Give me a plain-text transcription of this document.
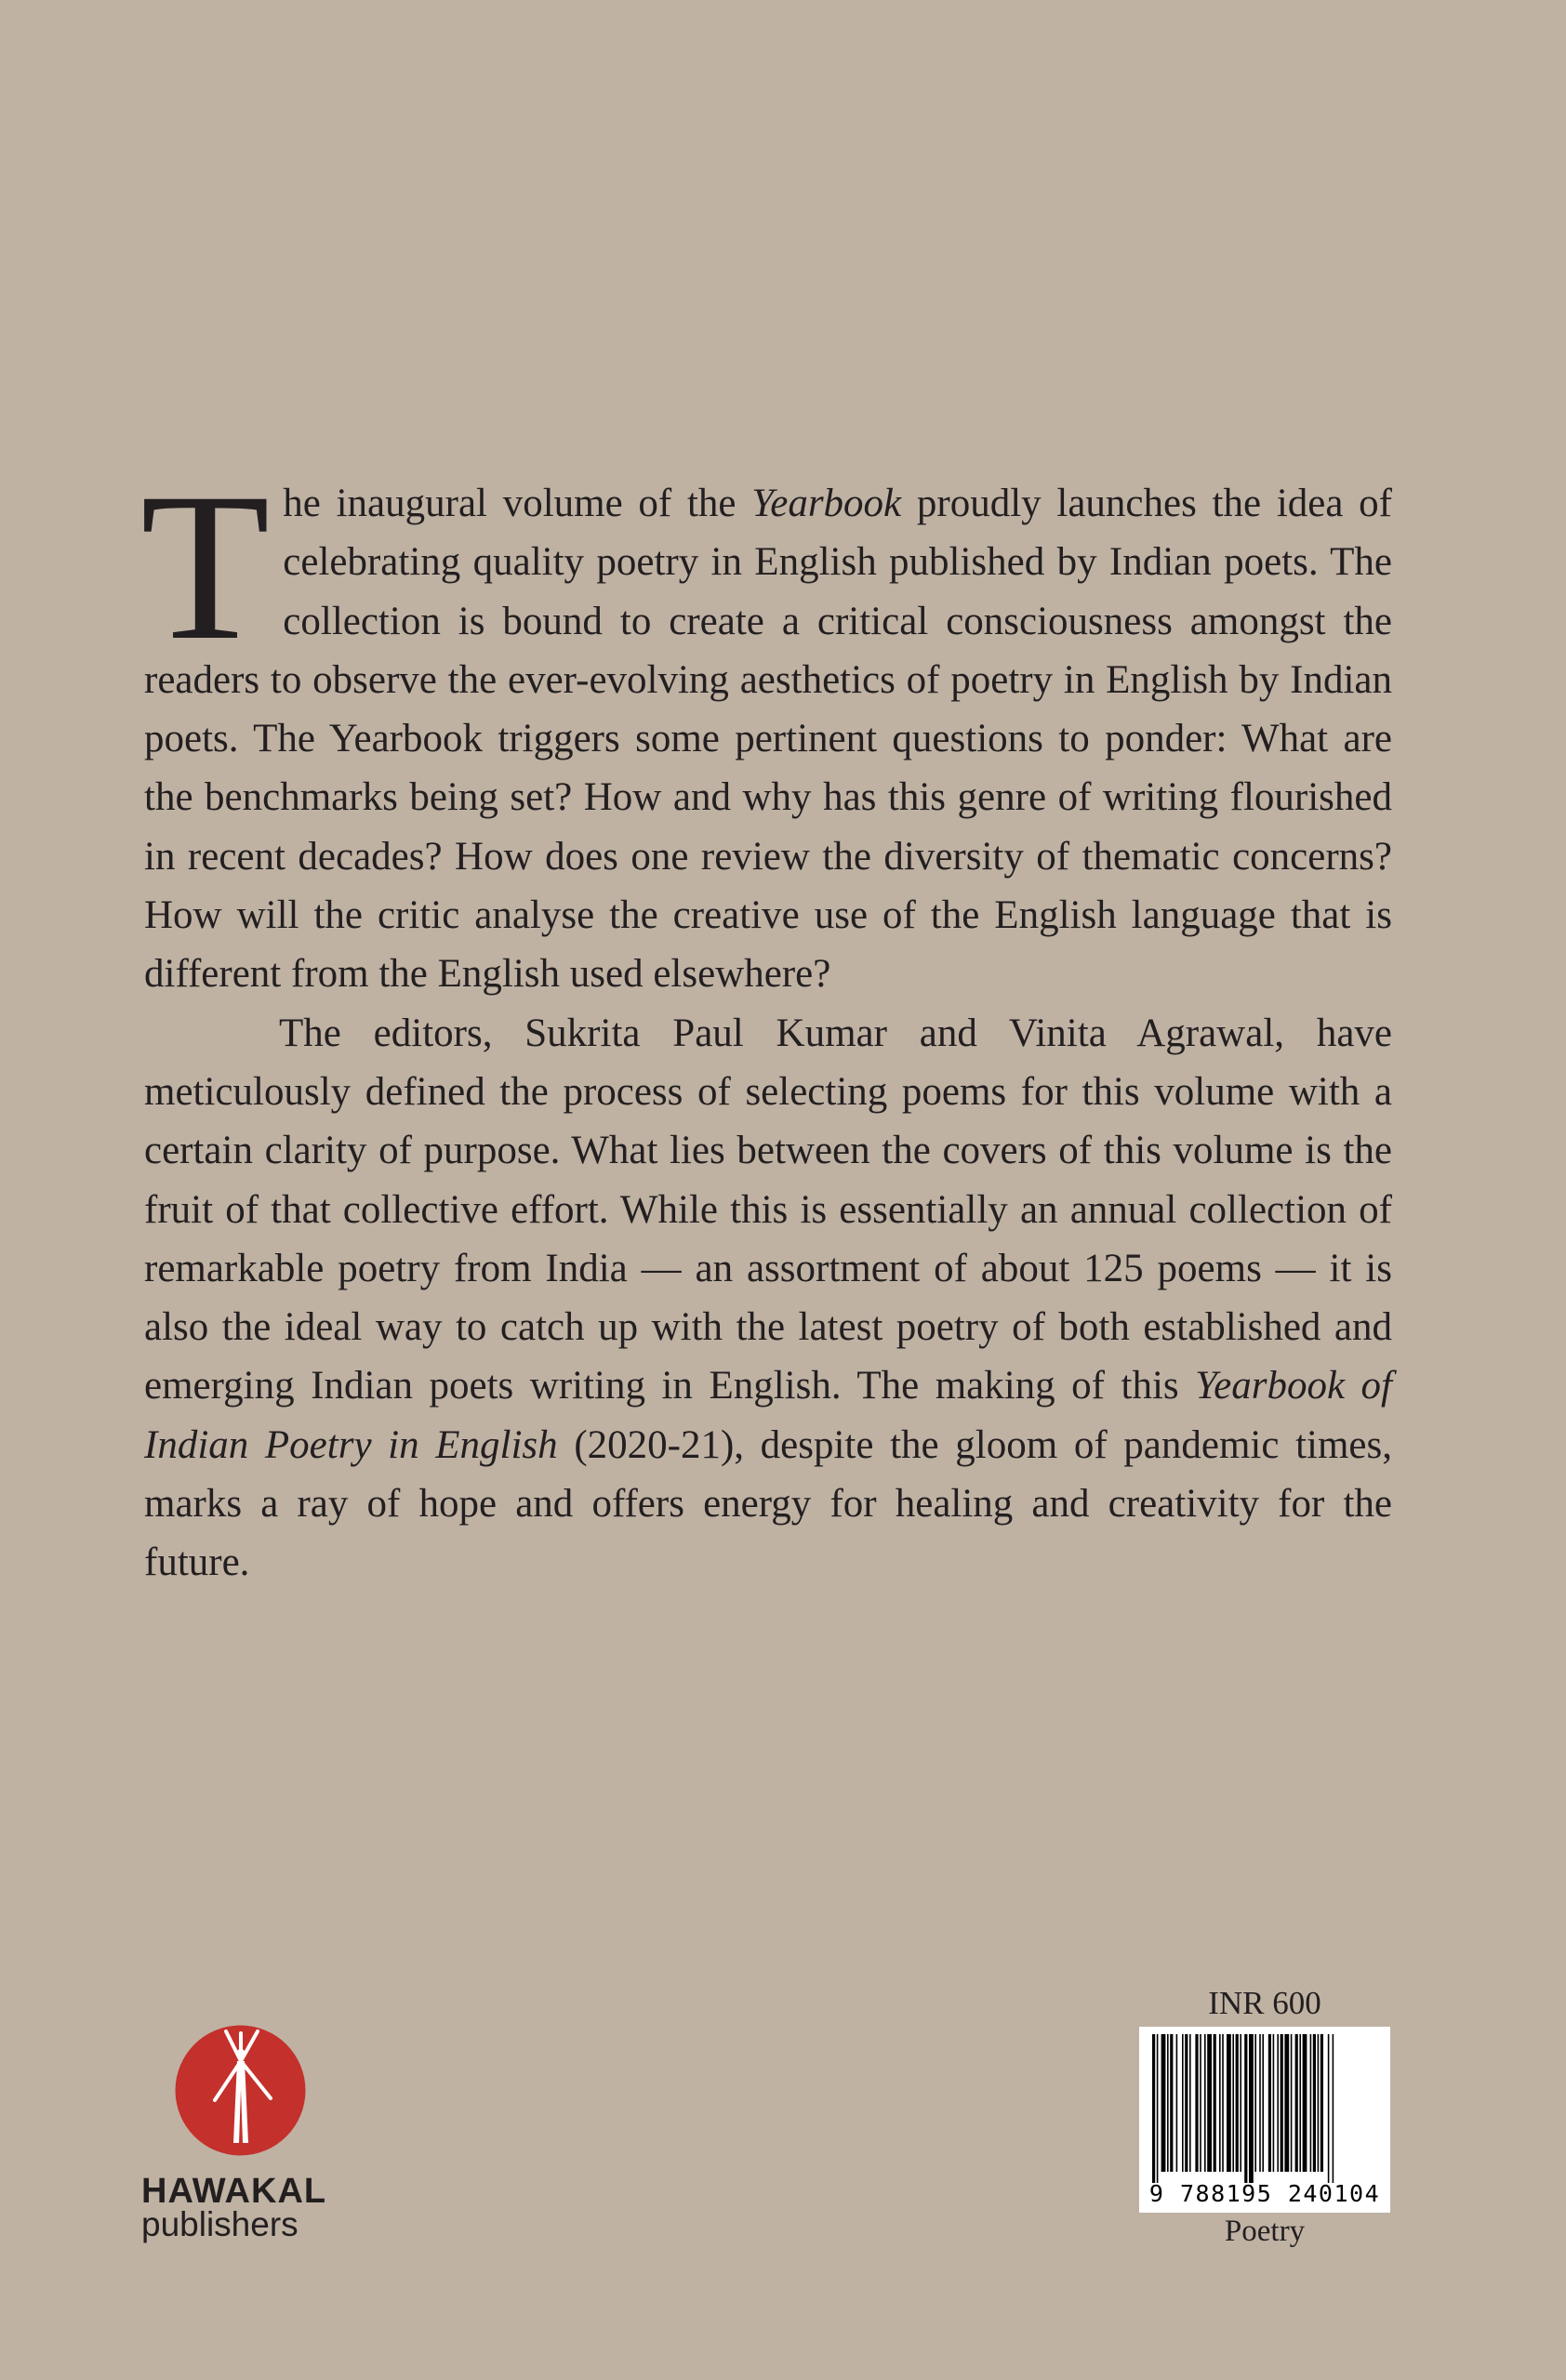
The inaugural volume of the Yearbook proudly launches the idea of celebrating quality poetry in English published by Indian poets. The collection is bound to create a critical consciousness amongst the readers to observe the ever-evolving aesthetics of poetry in English by Indian poets. The Yearbook triggers some pertinent questions to ponder: What are the benchmarks being set? How and why has this genre of writing flourished in recent decades? How does one review the diversity of thematic concerns? How will the critic analyse the creative use of the English language that is different from the English used elsewhere?

The editors, Sukrita Paul Kumar and Vinita Agrawal, have meticulously defined the process of selecting poems for this volume with a certain clarity of purpose. What lies between the covers of this volume is the fruit of that collective effort. While this is essentially an annual collection of remarkable poetry from India — an assortment of about 125 poems — it is also the ideal way to catch up with the latest poetry of both established and emerging Indian poets writing in English. The making of this Yearbook of Indian Poetry in English (2020-21), despite the gloom of pandemic times, marks a ray of hope and offers energy for healing and creativity for the future.

HAWAKAL
publishers
INR 600
9 788195 240104
Poetry
